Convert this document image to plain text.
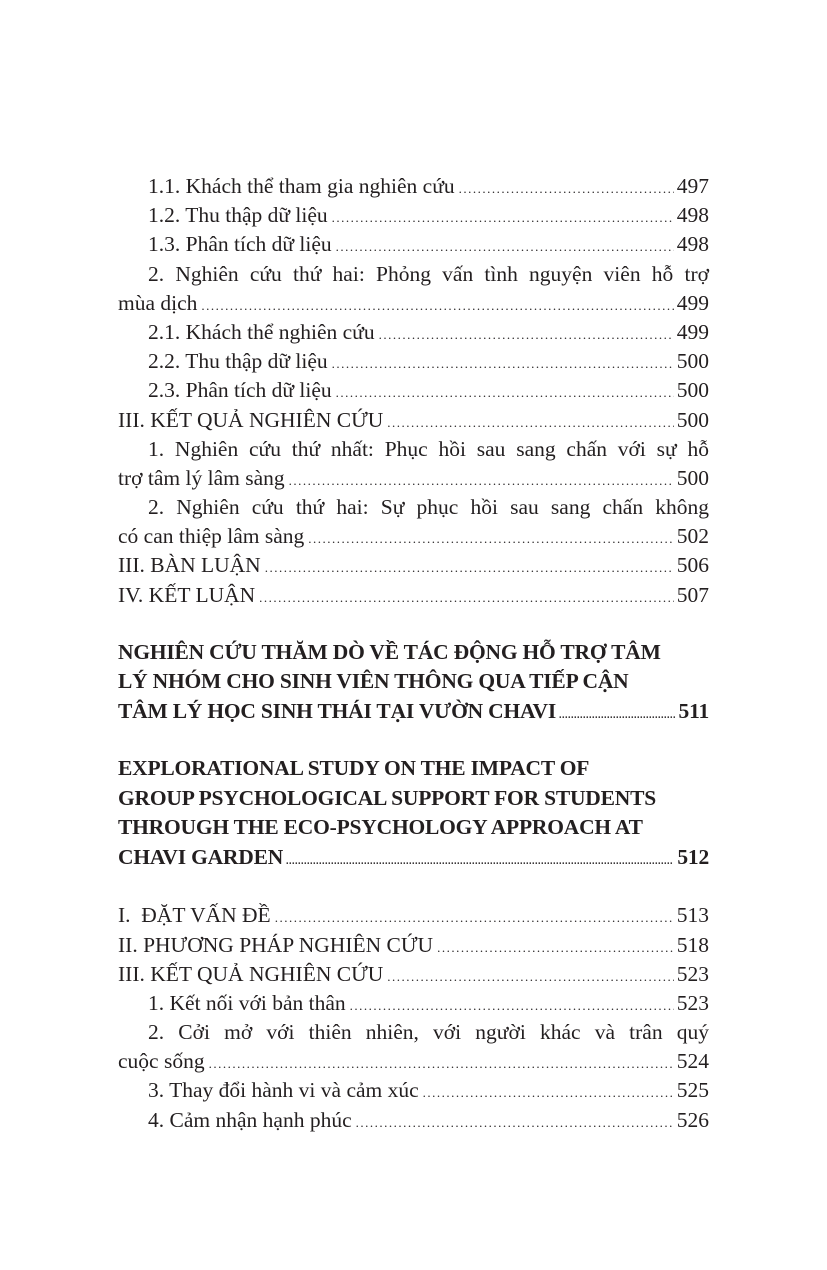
1.1. Khách thể tham gia nghiên cứu .....	497
1.2. Thu thập dữ liệu .....	498
1.3. Phân tích dữ liệu .....	498
2. Nghiên cứu thứ hai: Phỏng vấn tình nguyện viên hỗ trợ
mùa dịch .....	499
2.1. Khách thể nghiên cứu .....	499
2.2. Thu thập dữ liệu .....	500
2.3. Phân tích dữ liệu .....	500
III. KẾT QUẢ NGHIÊN CỨU .....	500
1. Nghiên cứu thứ nhất: Phục hồi sau sang chấn với sự hỗ
trợ tâm lý lâm sàng .....	500
2. Nghiên cứu thứ hai: Sự phục hồi sau sang chấn không
có can thiệp lâm sàng .....	502
III. BÀN LUẬN .....	506
IV. KẾT LUẬN .....	507
NGHIÊN CỨU THĂM DÒ VỀ TÁC ĐỘNG HỖ TRỢ TÂM
LÝ NHÓM CHO SINH VIÊN THÔNG QUA TIẾP CẬN
TÂM LÝ HỌC SINH THÁI TẠI VƯỜN CHAVI .....	511
EXPLORATIONAL STUDY ON THE IMPACT OF
GROUP PSYCHOLOGICAL SUPPORT FOR STUDENTS
THROUGH THE ECO-PSYCHOLOGY APPROACH AT
CHAVI GARDEN .....	512
I.  ĐẶT VẤN ĐỀ .....	513
II. PHƯƠNG PHÁP NGHIÊN CỨU .....	518
III. KẾT QUẢ NGHIÊN CỨU .....	523
1. Kết nối với bản thân .....	523
2. Cởi mở với thiên nhiên, với người khác và trân quý
cuộc sống .....	524
3. Thay đổi hành vi và cảm xúc .....	525
4. Cảm nhận hạnh phúc .....	526
